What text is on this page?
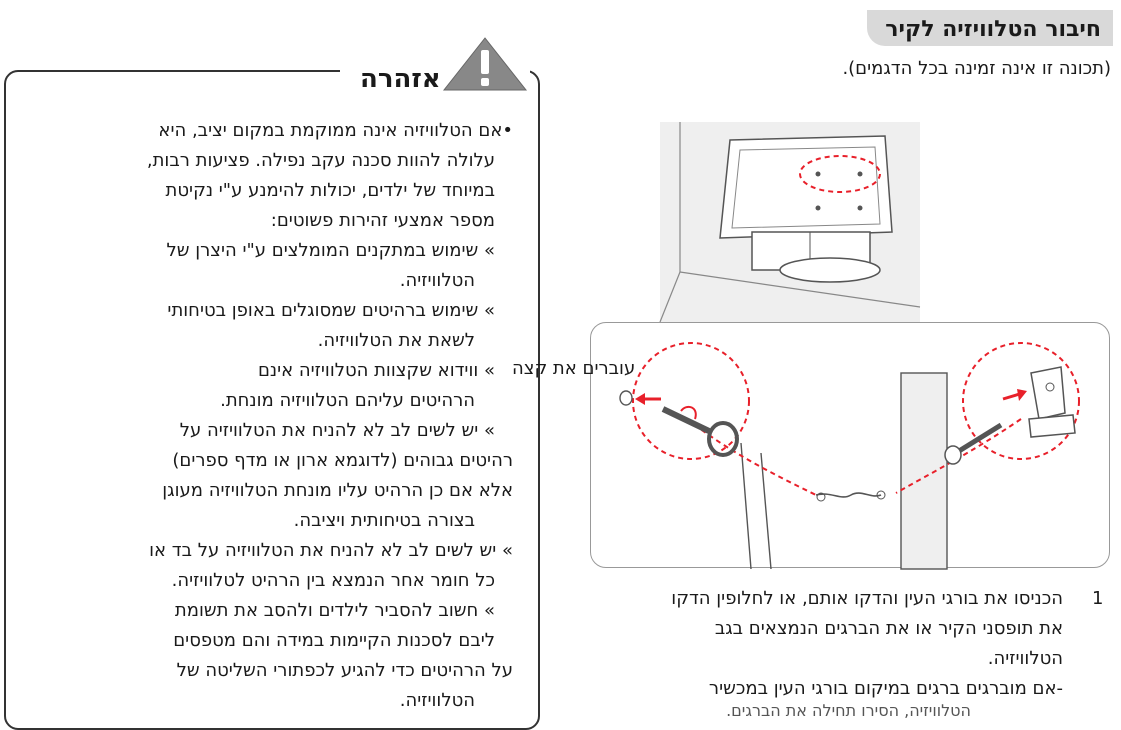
חיבור הטלוויזיה לקיר
(תכונה זו אינה זמינה בכל הדגמים).
1
הכניסו את בורגי העין והדקו אותם, או לחלופין הדקו
את תופסני הקיר או את הברגים הנמצאים בגב
הטלוויזיה.
-אם מוברגים ברגים במיקום בורגי העין במכשיר
הטלוויזיה, הסירו תחילה את הברגים.
אזהרה
•אם הטלוויזיה אינה ממוקמת במקום יציב, היא
עלולה להוות סכנה עקב נפילה. פציעות רבות,
במיוחד של ילדים, יכולות להימנע ע"י נקיטת
מספר אמצעי זהירות פשוטים:
» שימוש במתקנים המומלצים ע"י היצרן של
הטלוויזיה.
» שימוש ברהיטים שמסוגלים באופן בטיחותי
לשאת את הטלוויזיה.
» ווידוא שקצוות הטלוויזיה אינם
הרהיטים עליהם הטלוויזיה מונחת.
» יש לשים לב לא להניח את הטלוויזיה על
רהיטים גבוהים (לדוגמא ארון או מדף ספרים)
אלא אם כן הרהיט עליו מונחת הטלוויזיה מעוגן
בצורה בטיחותית ויציבה.
» יש לשים לב לא להניח את הטלוויזיה על בד או
כל חומר אחר הנמצא בין הרהיט לטלוויזיה.
» חשוב להסביר לילדים ולהסב את תשומת
ליבם לסכנות הקיימות במידה והם מטפסים
על הרהיטים כדי להגיע לכפתורי השליטה של
הטלוויזיה.
עוברים את קצה
